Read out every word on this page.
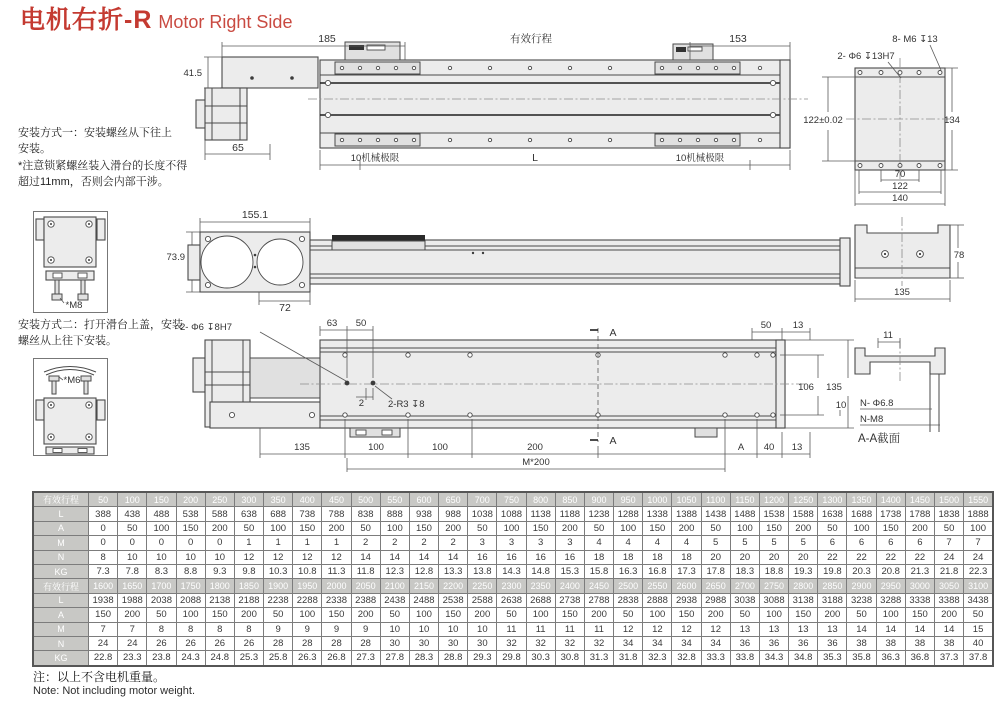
电机右折-R Motor Right Side
安装方式一：安装螺丝从下往上安装。
*注意锁紧螺丝装入滑台的长度不得超过11mm，否则会内部干涉。
安装方式二：打开滑台上盖，安装螺丝从上往下安装。
*M8
*M6
185	有效行程	153
41.5
65
10机械极限	L	10机械极限
8- M6 ↧13
2- Φ6 ↧13H7
122±0.02	134
70
122
140
155.1
73.9
72
78
135
2- Φ6 ↧8H7	63 50
2	2-R3 ↧8
A
A
50 13
106 135
10
135	100	100	200	A 40 13
M*200
11
N- Φ6.8
N-M8
A-A截面
有效行程	50	100	150	200	250	300	350	400	450	500	550	600	650	700	750	800	850	900	950	1000	1050	1100	1150	1200	1250	1300	1350	1400	1450	1500	1550
L	388	438	488	538	588	638	688	738	788	838	888	938	988	1038	1088	1138	1188	1238	1288	1338	1388	1438	1488	1538	1588	1638	1688	1738	1788	1838	1888
A	0	50	100	150	200	50	100	150	200	50	100	150	200	50	100	150	200	50	100	150	200	50	100	150	200	50	100	150	200	50	100
M	0	0	0	0	0	1	1	1	1	2	2	2	2	3	3	3	3	4	4	4	4	5	5	5	5	6	6	6	6	7	7
N	8	10	10	10	10	12	12	12	12	14	14	14	14	16	16	16	16	18	18	18	18	20	20	20	20	22	22	22	22	24	24
KG	7.3	7.8	8.3	8.8	9.3	9.8	10.3	10.8	11.3	11.8	12.3	12.8	13.3	13.8	14.3	14.8	15.3	15.8	16.3	16.8	17.3	17.8	18.3	18.8	19.3	19.8	20.3	20.8	21.3	21.8	22.3
有效行程	1600	1650	1700	1750	1800	1850	1900	1950	2000	2050	2100	2150	2200	2250	2300	2350	2400	2450	2500	2550	2600	2650	2700	2750	2800	2850	2900	2950	3000	3050	3100
L	1938	1988	2038	2088	2138	2188	2238	2288	2338	2388	2438	2488	2538	2588	2638	2688	2738	2788	2838	2888	2938	2988	3038	3088	3138	3188	3238	3288	3338	3388	3438
A	150	200	50	100	150	200	50	100	150	200	50	100	150	200	50	100	150	200	50	100	150	200	50	100	150	200	50	100	150	200	50
M	7	7	8	8	8	8	9	9	9	9	10	10	10	10	11	11	11	11	12	12	12	12	13	13	13	13	14	14	14	14	15
N	24	24	26	26	26	26	28	28	28	28	30	30	30	30	32	32	32	32	34	34	34	34	36	36	36	36	38	38	38	38	40
KG	22.8	23.3	23.8	24.3	24.8	25.3	25.8	26.3	26.8	27.3	27.8	28.3	28.8	29.3	29.8	30.3	30.8	31.3	31.8	32.3	32.8	33.3	33.8	34.3	34.8	35.3	35.8	36.3	36.8	37.3	37.8
注：以上不含电机重量。
Note: Not including motor weight.
